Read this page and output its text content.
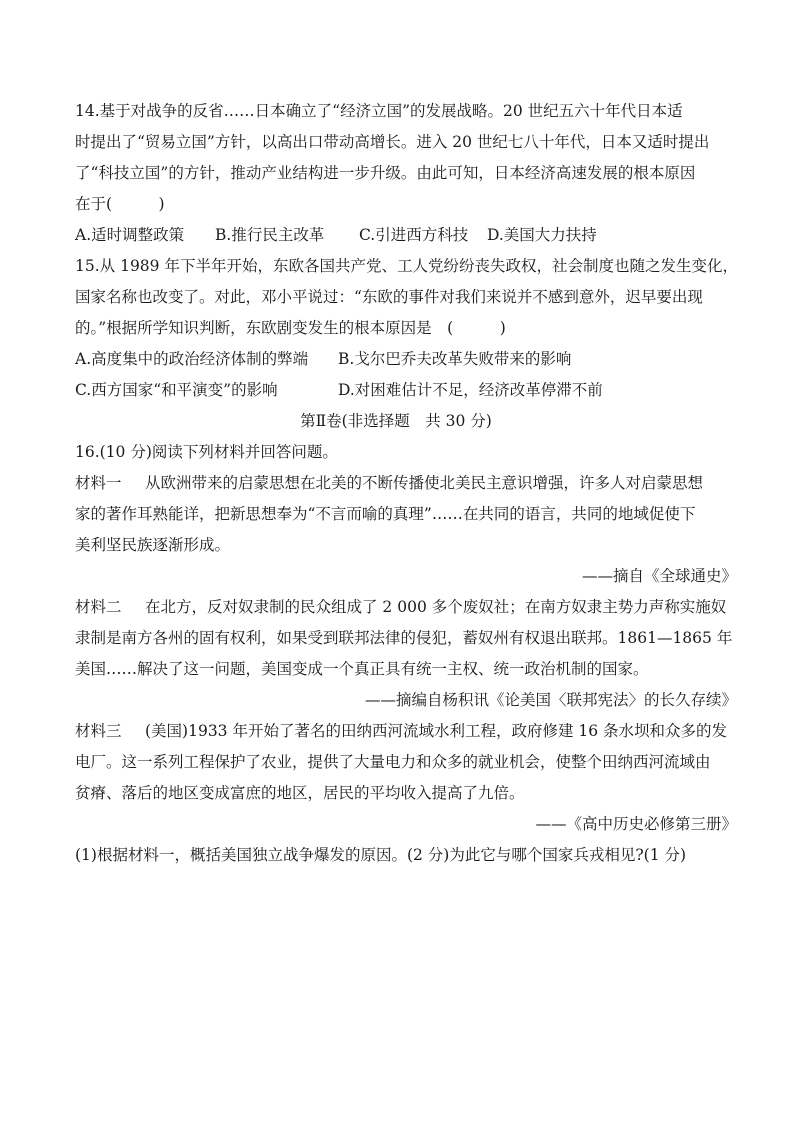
14.基于对战争的反省……日本确立了“经济立国”的发展战略。20 世纪五六十年代日本适
时提出了“贸易立国”方针，以高出口带动高增长。进入 20 世纪七八十年代，日本又适时提出
了“科技立国”的方针，推动产业结构进一步升级。由此可知，日本经济高速发展的根本原因
在于(　　　)
A.适时调整政策	B.推行民主改革	C.引进西方科技	D.美国大力扶持
15.从 1989 年下半年开始，东欧各国共产党、工人党纷纷丧失政权，社会制度也随之发生变化，
国家名称也改变了。对此，邓小平说过：“东欧的事件对我们来说并不感到意外，迟早要出现
的。”根据所学知识判断，东欧剧变发生的根本原因是　(　　　)
A.高度集中的政治经济体制的弊端	B.戈尔巴乔夫改革失败带来的影响
C.西方国家“和平演变”的影响	D.对困难估计不足，经济改革停滞不前
第Ⅱ卷(非选择题　共 30 分)
16.(10 分)阅读下列材料并回答问题。
材料一 从欧洲带来的启蒙思想在北美的不断传播使北美民主意识增强，许多人对启蒙思想
家的著作耳熟能详，把新思想奉为“不言而喻的真理”……在共同的语言，共同的地域促使下
美利坚民族逐渐形成。
——摘自《全球通史》
材料二 在北方，反对奴隶制的民众组成了 2 000 多个废奴社；在南方奴隶主势力声称实施奴
隶制是南方各州的固有权利，如果受到联邦法律的侵犯，蓄奴州有权退出联邦。1861—1865 年
美国……解决了这一问题，美国变成一个真正具有统一主权、统一政治机制的国家。
——摘编自杨积讯《论美国〈联邦宪法〉的长久存续》
材料三 (美国)1933 年开始了著名的田纳西河流域水利工程，政府修建 16 条水坝和众多的发
电厂。这一系列工程保护了农业，提供了大量电力和众多的就业机会，使整个田纳西河流域由
贫瘠、落后的地区变成富庶的地区，居民的平均收入提高了九倍。
——《高中历史必修第三册》
(1)根据材料一，概括美国独立战争爆发的原因。(2 分)为此它与哪个国家兵戎相见?(1 分)
